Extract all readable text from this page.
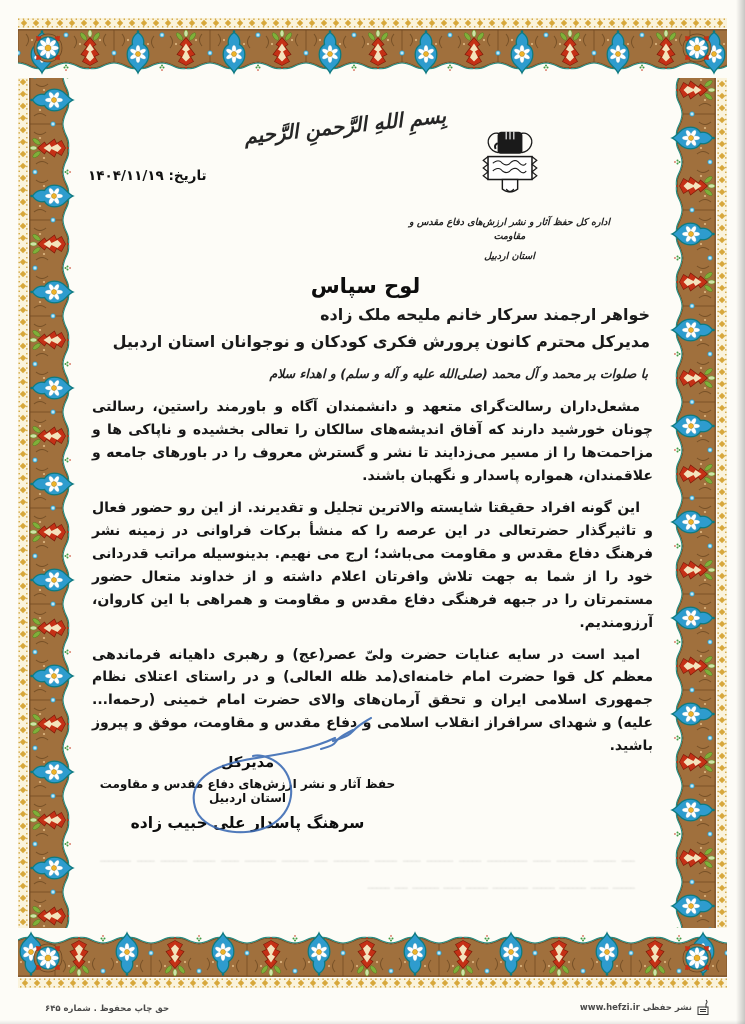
بِسمِ اللهِ الرَّحمنِ الرَّحیم
تاریخ: ۱۴۰۴/۱۱/۱۹
اداره کل حفظ آثار و نشر ارزش‌های دفاع مقدس و مقاومت
استان اردبیل
لوح سپاس
خواهر ارجمند سرکار خانم ملیحه ملک زاده
مدیرکل محترم کانون پرورش فکری کودکان و نوجوانان استان اردبیل
با صلوات بر محمد و آل محمد (صلی‌الله علیه و آله و سلم) و اهداء سلام

مشعل‌داران رسالت‌گرای متعهد و دانشمندان آگاه و باورمند راستین، رسالتی چونان خورشید دارند که آفاق اندیشه‌های سالکان را تعالی بخشیده و ناپاکی ها و مزاحمت‌ها را از مسیر می‌زدایند تا نشر و گسترش معروف را در باورهای جامعه و علاقمندان، همواره پاسدار و نگهبان باشند.

این گونه افراد حقیقتا شایسته والاترین تجلیل و تقدیرند. از این رو حضور فعال و تاثیرگذار حضرتعالی در این عرصه را که منشأ برکات فراوانی در زمینه نشر فرهنگ دفاع مقدس و مقاومت می‌باشد؛ ارج می نهیم. بدینوسیله مراتب قدردانی خود را از شما به جهت تلاش وافرتان اعلام داشته و از خداوند متعال حضور مستمرتان را در جبهه فرهنگی دفاع مقدس و مقاومت و همراهی با این کاروان، آرزومندیم.

امید است در سایه عنایات حضرت ولیّ عصر(عج) و رهبری داهیانه فرماندهی معظم کل قوا حضرت امام خامنه‌ای(مد ظله العالی) و در راستای اعتلای نظام جمهوری اسلامی ایران و تحقق آرمان‌های والای حضرت امام خمینی (رحمه‌ا... علیه) و شهدای سرافراز انقلاب اسلامی و دفاع مقدس و مقاومت، موفق و پیروز باشید.

مدیرکل
حفظ آثار و نشر ارزش‌های دفاع مقدس و مقاومت استان اردبیل
سرهنگ پاسدار علی حبیب زاده
ـــ ـــــ ـــــــ ــــ ـــــــــ ـــــ ــــــ ــــ ـــــ ــــــــ ـــ ــــــ ـــــــ ــــ ـــــ ــــــ ــــ ـــــــ ـــــ ــــ ــــــ ـــــ ــــــــ ـــــ ــــ ــــــ ـــ ـــــ
حق چاپ محفوظ . شماره ۶۴۵	نشر حفظی www.hefzi.ir
